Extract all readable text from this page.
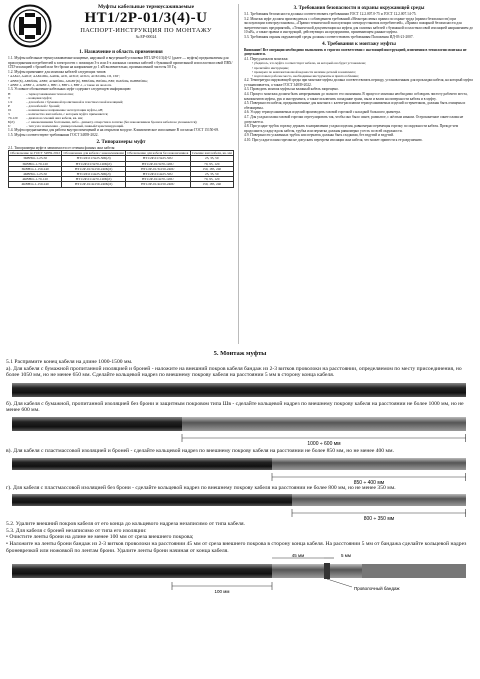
Муфты кабельные термоусаживаемые
НТ1/2Р-01/3(4)-U
ПАСПОРТ-ИНСТРУКЦИЯ ПО МОНТАЖУ
№ ЕР-00024
1. Назначение и область применения
1.1. Муфты кабельные термоусаживаемые концевые, наружной и внутренней установки НТ1/2Р-01/3(4)-U (далее — муфты) предназначены для присоединения потребителей к электросети с помощью 3-х или 4-х жильных силовых кабелей с бумажной пропитанной или пластмассовой ПВХ/СПЭ изоляцией с броней или без брони на напряжение до 1 кВ включительно, промышленной частоты 50 Гц.
1.2. Муфты применяют для монтажа кабелей следующих типов:
• ААБл2, ААБлГ, ААБ2лШв, ААШв, АСБ, АСБлГ, АСБ2л, АСБ2лШв, СБ, СБГ;
• АВВГ(Б), АВБбШв, АВВГ, АПвБбШв, АПвВГ(Б), ВВБбШв, ВБбШв, ВВГ, ПвБбШв, ПвВВБбШв;
• АВВГ-1, АВВГ-1, АПвВГ-1, ВВГ-1, ВВГз-1, ВВГ-1, а также их аналоги.
1.3. Условное обозначение кабельных муфт содержит следующую информацию:
Н	– термоусаживаемая технология;
Т	– концевая муфта;
1/2	– для кабеля с бумажной пропитанной и пластмассовой изоляцией;
Р	– для кабелей с броней;
01	– номинальное напряжение эксплуатации муфты, кВ;
3	– количество жил кабеля, с которым муфта применяется;
70-120	– диапазон сечений жил кабеля, кв. мм;
Б(Л)	– с наконечниками болтовыми, либо - диаметр отверстия в лопатке (без наконечников брони и кабеля не указывается);
U	– тип узла заземления - универсальный, паяный/герметизирующий.
1.4. Муфта предназначена для работы внутри помещений и на открытом воздухе. Климатическое исполнение В согласно ГОСТ 15150-69.
1.5. Муфты соответствуют требованиям ГОСТ 34839-2022.
2. Типоразмеры муфт
2.1. Типоразмеры муфт в зависимости от сечения фазных жил кабеля:
Обозначение по ГОСТ 34839-2022	Обозначение для кабеля с наконечниками	Обозначение для кабеля без наконечников	Сечение жил кабеля, кв. мм
3КВНтп-1-25-50	НТ1/2Р-01/3х25-50Б(Л)	НТ1/2Р-01/3х25-50U	25, 35, 50
3КВНтп-1-70-120	НТ1/2Р-01/3х70-120Б(Л)	НТ1/2Р-01/3х70-120U	70, 95, 120
3КВНтп-1-150-240	НТ1/2Р-01/3х150-240Б(Л)	НТ1/2Р-01/3х150-240U	150, 185, 240
4КВНтп-1-25-50	НТ1/2Р-01/4х25-50Б(Л)	НТ1/2Р-01/4х25-50U	25, 35, 50
4КВНтп-1-70-120	НТ1/2Р-01/4х70-120Б(Л)	НТ1/2Р-01/4х70-120U	70, 95, 120
4КВНтп-1-150-240	НТ1/2Р-01/4х150-240Б(Л)	НТ1/2Р-01/4х150-240U	150, 185, 240
3. Требования безопасности и охраны окружающей среды
3.1. Требования безопасности должны соответствовать требованиям ГОСТ 12.2.007.0-75 и ГОСТ 12.2.007.14-75.
3.2. Монтаж муфт должен производиться с соблюдением требований «Межотраслевых правил по охране труда (правил безопасности) при эксплуатации электроустановок», «Правил технической эксплуатации электроустановок потребителей», «Правил пожарной безопасности для энергетических предприятий», «Технической документации на муфты для силовых кабелей с бумажной и пластмассовой изоляцией напряжением до 10 кВ», а также правил и инструкций, действующих на предприятии, применяющем данные муфты.
3.3. Требования охраны окружающей среды должны соответствовать требованиям Положения ИД-03-21-2007.
4. Требования к монтажу муфты
Внимание! Все операции необходимо выполнять в строгом соответствии с настоящей инструкцией, изменения в технологии монтажа не допускаются.
4.1. Перед началом монтажа:
• убедитесь, что муфта соответствует кабелю, на который она будет установлена;
• прочитайте инструкцию;
• проверьте по комплектовочной ведомости наличие деталей в комплекте;
• подготовьте рабочее место, необходимые инструменты и приспособления;
4.2. Температура окружающей среды при монтаже муфты должна соответствовать периоду, установленным для прокладки кабеля, на который муфта устанавливается, а также ГОСТ 34839-2022.
4.3. Проводить монтаж муфты на влажный кабель запрещено.
4.4. Процесс монтажа должен быть непрерывным до полного его окончания. В процессе монтажа необходимо соблюдать чистоту рабочего места, компонентов муфты, рук и инструмента, а также исключить попадание грязи, пыли и влаги на поверхности кабеля и в муфту.
4.5. Поверхности кабеля, предназначенные для контакта с клеем-расплавом термоусаживаемых изделий и герметиком, должны быть очищены и обезжирены.
4.6. Усадку термоусаживаемых изделий производить газовой горелкой с насадкой большого диаметра.
4.7. Для усадки пламя газовой горелки отрегулировать так, чтобы оно было синее, размытое, с жёлтым языком. Остроконечное синее пламя не допускается.
4.8. При усадке трубок горелку держать в направлении усадки изделия, равномерно перемещая горелку по окружности кабеля. Прежде чем продолжить усадку вдоль кабеля, трубка или перчатка должны равномерно усесть по всей окружности.
4.9. Поверхности усаженных трубок или перчаток должны быть гладкими, без вздутий и вздутий.
4.10. При усадке пламя горелки не допускать перегрева изоляции жил кабеля, что может привести к ее разрушению.
5. Монтаж муфты
5.1 Распрямите конец кабеля на длине 1000-1500 мм.
а). Для кабеля с бумажной пропитанной изоляцией и броней - наложите на внешний покров кабеля бандаж из 2-3 витков проволоки на расстоянии, определяемом по месту присоединения, но более 1050 мм, но не менее 650 мм. Сделайте кольцевой надрез по внешнему покрову кабеля на расстоянии 5 мм в сторону конца кабеля.
б). Для кабеля с бумажной, пропитанной изоляцией без брони и защитным покровом типа Шв - сделайте кольцевой надрез по внешнему покрову кабеля на расстоянии не более 1000 мм, но не менее 600 мм.
1000 ÷ 600 мм
в). Для кабеля с пластмассовой изоляцией и броней - сделайте кольцевой надрез по внешнему покрову кабеля на расстоянии не более 850 мм, но не менее 400 мм.
850 ÷ 400 мм
г). Для кабеля с пластмассовой изоляцией без брони - сделайте кольцевой надрез по внешнему покрову кабеля на расстоянии не более 800 мм, но не менее 350 мм.
800 ÷ 350 мм
5.2. Удалите внешний покров кабеля от его конца до кольцевого надреза незаписимо от типа кабеля.
5.3. Для кабеля с броней незаписимо от типа его изоляции:
• Очистите ленты брони на длине не менее 100 мм от среза внешнего покрова;
• Наложите на ленты брони бандаж из 2-3 витков проволоки на расстоянии 45 мм от среза внешнего покрова в сторону конца кабеля. На расстоянии 5 мм от бандажа сделайте кольцевой надрез броневрезкой или ножовкой по лентам брони. Удалите ленты брони начиная от конца кабеля.
45 мм	5 мм
100 мм
Проволочный бандаж
